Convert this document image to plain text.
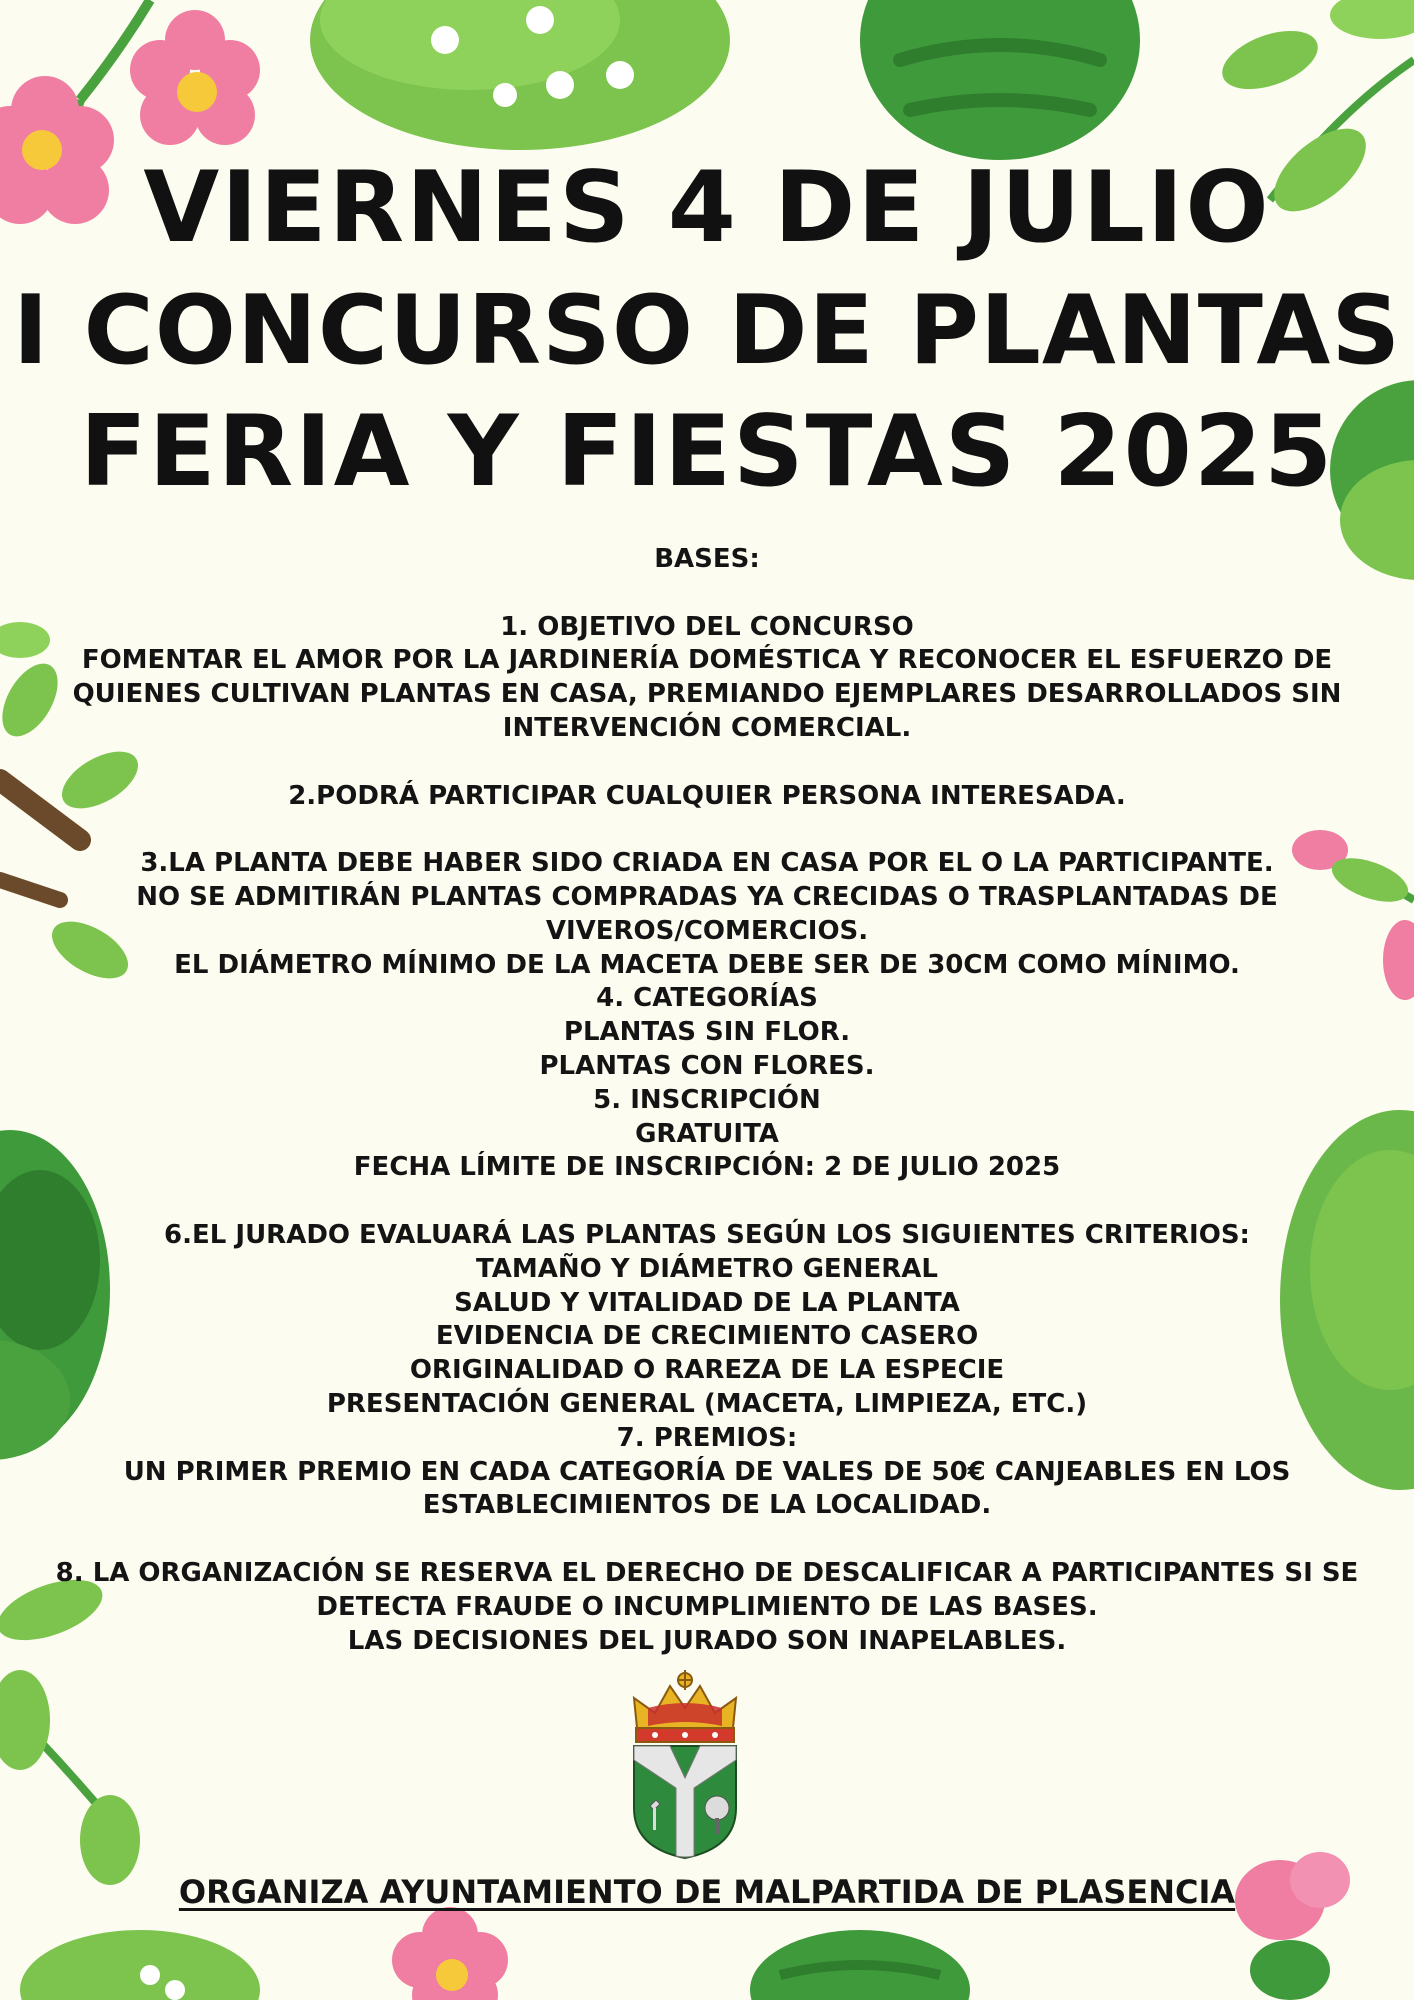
VIERNES 4 DE JULIO
I CONCURSO DE PLANTAS
FERIA Y FIESTAS 2025
BASES:
1. OBJETIVO DEL CONCURSO
FOMENTAR EL AMOR POR LA JARDINERÍA DOMÉSTICA Y RECONOCER EL ESFUERZO DE
QUIENES CULTIVAN PLANTAS EN CASA, PREMIANDO EJEMPLARES DESARROLLADOS SIN
INTERVENCIÓN COMERCIAL.
2.PODRÁ PARTICIPAR CUALQUIER PERSONA INTERESADA.
3.LA PLANTA DEBE HABER SIDO CRIADA EN CASA POR EL O LA PARTICIPANTE.
NO SE ADMITIRÁN PLANTAS COMPRADAS YA CRECIDAS O TRASPLANTADAS DE
VIVEROS/COMERCIOS.
EL DIÁMETRO MÍNIMO DE LA MACETA DEBE SER DE 30CM COMO MÍNIMO.
4. CATEGORÍAS
PLANTAS SIN FLOR.
PLANTAS CON FLORES.
5. INSCRIPCIÓN
GRATUITA
FECHA LÍMITE DE INSCRIPCIÓN: 2 DE JULIO 2025
6.EL JURADO EVALUARÁ LAS PLANTAS SEGÚN LOS SIGUIENTES CRITERIOS:
TAMAÑO Y DIÁMETRO GENERAL
SALUD Y VITALIDAD DE LA PLANTA
EVIDENCIA DE CRECIMIENTO CASERO
ORIGINALIDAD O RAREZA DE LA ESPECIE
PRESENTACIÓN GENERAL (MACETA, LIMPIEZA, ETC.)
7. PREMIOS:
UN PRIMER PREMIO EN CADA CATEGORÍA DE VALES DE 50€ CANJEABLES EN LOS
ESTABLECIMIENTOS DE LA LOCALIDAD.
8. LA ORGANIZACIÓN SE RESERVA EL DERECHO DE DESCALIFICAR A PARTICIPANTES SI SE
DETECTA FRAUDE O INCUMPLIMIENTO DE LAS BASES.
LAS DECISIONES DEL JURADO SON INAPELABLES.
ORGANIZA AYUNTAMIENTO DE MALPARTIDA DE PLASENCIA
